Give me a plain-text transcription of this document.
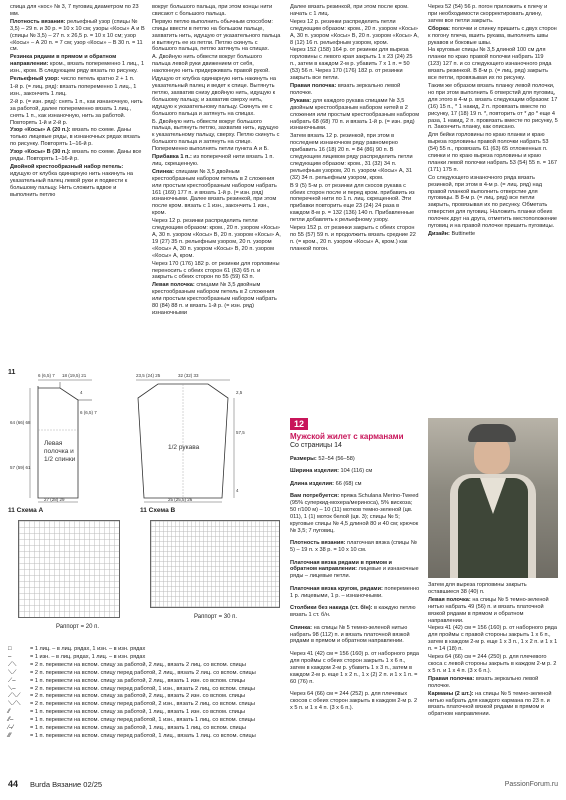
спица для «кос» № 3, 7 пуговиц диаметром по 23 мм.

Плотность вязания: рельефный узор (спицы № 3,5) – 29 п. и 30 р. = 10 х 10 см; узоры «Косы» А и В (спицы № 3,5) – 27 п. х 26,5 р. = 10 х 10 см; узор «Косы» – А 20 п. = 7 см; узор «Косы» – В 30 п. = 11 см.

Резинка рядами в прямом и обратном направлении: кром., вязать попеременно 1 лиц., 1 изн., кром. В следующем ряду вязать по рисунку.

Рельефный узор: число петель кратно 2 + 1 п.

1-й р. (= лиц. ряд): вязать попеременно 1 лиц., 1 изн., закончить 1 лиц.

2-й р. (= изн. ряд): снять 1 п., как изнаночную, нить за работой, далее попеременно вязать 1 лиц., снять 1 п., как изнаночную, нить за работой. Повторять 1-й и 2-й р.

Узор «Косы» А (20 п.): вязать по схеме. Даны только лицевые ряды, в изнаночных рядах вязать по рисунку. Повторять 1–16-й р.

Узор «Косы» В (30 п.): вязать по схеме. Даны все ряды. Повторять 1–16-й р.

Двойной крестообразный набор петель: идущую от клубка одинарную нить накинуть на указательный палец левой руки и подвести к большому пальцу. Нить сложить вдвое и выполнить петлю

вокруг большого пальца, при этом концы нити свисают с большого пальца.

Первую петлю выполнить обычным способом: спицы ввести в петлю на большом пальце, захватить нить, идущую от указательного пальца и вытянуть ее из петли. Петлю скинуть с большого пальца, петлю затянуть на спицах.

А. Двойную нить обвести вокруг большого пальца левой руки движением от себя, наклонную нить придерживать правой рукой.

Идущую от клубка одинарную нить накинуть на указательный палец и ведет к спице. Вытянуть петлю, захватив снизу двойную нить, идущую к большому пальцу, и захватив сверху нить, идущую к указательному пальцу. Скинуть ее с большого пальца и затянуть на спицах.

Б. Двойную нить обвести вокруг большого пальца, вытянуть петлю, захватив нить, идущую к указательному пальцу, сверху. Петлю скинуть с большого пальца и затянуть на спице. Попеременно выполнять петли пункта А и Б.

Прибавка 1 п.: из поперечной нити вязать 1 п. лиц. скрещенную.

Спинка: спицами № 3,5 двойным крестообразным набором петель в 2 сложения или простым крестообразным набором набрать 161 (169) 177 п. и вязать 1-й р. (= изн. ряд) изнаночными. Далее вязать резинкой, при этом после кром. вязать с 1 изн., закончить 1 изн., кром.

Через 12 р. резинки распределить петли следующим образом: кром., 20 п. узором «Косы» А, 30 п. узором «Косы» В, 20 п. узором «Косы» А, 19 (27) 35 п. рельефным узором, 20 п. узором «Косы» А, 30 п. узором «Косы» В, 20 п. узором «Косы» А, кром.

Через 170 (176) 182 р. от резинки для горловины переносить с обеих сторон 61 (63) 65 п. и закрыть с обеих сторон по 55 (59) 63 п.

Левая полочка: спицами № 3,5 двойным крестообразным набором петель в 2 сложения или простым крестообразным набором набрать 80 (84) 88 п. и вязать 1-й р. (= изн. ряд) изнаночными

Далее вязать резинкой, при этом после кром. начать с 1 лиц.

Через 12 р. резинки распределить петли следующим образом: кром., 20 п. узором «Косы» А, 30 п. узором «Косы» В, 20 п. узором «Косы» А, 8 (12) 16 п. рельефным узором, кром.

Через 152 (158) 164 р. от резинки для выреза горловины с левого края закрыть 1 х 23 (24) 25 п., затем в каждом 2-м р. убавить 7 х 1 п. = 50 (53) 56 п. Через 170 (176) 182 р. от резинки закрыть все петли.

Правая полочка: вязать зеркально левой полочке.

Рукава: для каждого рукава спицами № 3,5 двойным крестообразным набором нитей в 2 сложения или простым крестообразным набором набрать 68 (68) 70 п. и вязать 1-й р. (= изн. ряд) изнаночными.

Затем вязать 12 р. резинкой, при этом в последнем изнаночном ряду равномерно прибавить 16 (18) 20 п. = 84 (86) 90 п. В следующем лицевом ряду распределить петли следующим образом: кром., 31 (32) 34 п. рельефным узором, 20 п. узором «Косы» А, 31 (32) 34 п. рельефным узором, кром.

В 9 (5) 5-м р. от резинки для скосов рукава с обеих сторон после и перед кром. прибавить из поперечной нити по 1 п. лиц. скрещенной. Эти прибавки повторить еще 23 (24) 24 раза в каждом 8-м р. = 132 (136) 140 п. Прибавленные петли добавлять к рельефному узору.

Через 152 р. от резинки закрыть с обеих сторон по 55 (57) 59 п. и продолжить вязать средние 22 п. (= кром., 20 п. узором «Косы» А, кром.) как планкой погон.

Через 52 (54) 56 р. погон приложить к плечу и при необходимости скорректировать длину, затем все петли закрыть.

Сборка: полочки и спинку пришить с двух сторон к погону плеча, вшить рукава, выполнить швы рукавов и боковые швы.

На круговые спицы № 3,5 длиной 100 см для планки по краю правой полочки набрать 119 (123) 127 п. и со следующего изнаночного ряда вязать резинкой. В 8-м р. (= лиц. ряд) закрыть все петли, провязывая их по рисунку.

Таким же образом вязать планку левой полочки, но при этом выполнить 6 отверстий для пуговиц, для этого в 4-м р. вязать следующим образом: 17 (16) 15 п., * 1 накид, 2 п. провязать вместе по рисунку, 17 (18) 19 п. *, повторить от * до * еще 4 раза, 1 накид, 2 п. провязать вместе по рисунку, 5 п. Закончить планку, как описано.

Для бейки горловины по краю планки и краю выреза горловины правой полочки набрать 53 (54) 55 п., провязать 61 (63) 65 отложенных п. спинки и по краю выреза горловины и краю планки левой полочки набрать 53 (54) 55 п. = 167 (171) 175 п.

Со следующего изнаночного ряда вязать резинкой, при этом в 4-м р. (= лиц. ряд) над правой планкой выполнить отверстие для пуговицы. В 8-м р. (= лиц. ряд) все петли закрыть, провязывая их по рисунку. Обметать отверстия для пуговиц. Наложить планки обеих полочек друг на друга, отметить местоположение пуговиц и на правой полочке пришить пуговицы.

Дизайн: Buttinette

11
Левая полочка и 1/2 спинки
1/2 рукава
6 (6,5) 7 18 (19,5) 21	23,5 (24) 25	32 (32) 33
64 (66) 68
57 (59) 61
6 (6,5) 7
4
57,5
2,5
4
27 (28) 29	25 (25,5) 26
11 Схема A
Раппорт = 20 п.
11 Схема B
Раппорт = 30 п.
□	= 1 лиц. – в лиц. рядах, 1 изн. – в изн. рядах
–	= 1 изн. – в лиц. рядах, 1 лиц. – в изн. рядах
⟋⟍	= 2 п. перевести на вспом. спицу за работой, 2 лиц., вязать 2 лиц. со вспом. спицы
⟍⟋	= 2 п. перевести на вспом. спицу перед работой, 2 лиц., вязать 2 лиц. со вспом. спицы
⟋–	= 1 п. перевести на вспом. спицу за работой, 2 лиц., вязать 1 изн. со вспом. спицы
⟍–	= 2 п. перевести на вспом. спицу перед работой, 1 изн., вязать 2 лиц. со вспом. спицы
⟋⟍⟋	= 2 п. перевести на вспом. спицу за работой, 2 лиц., вязать 2 изн. со вспом. спицы
⟍⟋⟍	= 2 п. перевести на вспом. спицу перед работой, 2 изн., вязать 2 лиц. со вспом. спицы
⁄⁄	= 1 п. перевести на вспом. спицу за работой, 1 лиц., вязать 1 изн. со вспом. спицы
⁄⁄–	= 1 п. перевести на вспом. спицу перед работой, 1 изн., вязать 1 лиц. со вспом. спицы
⁄–⁄	= 1 п. перевести на вспом. спицу за работой, 1 лиц., вязать 1 лиц. со вспом. спицы
⁄⁄⁄	= 1 п. перевести на вспом. спицу перед работой, 1 лиц., вязать 1 лиц. со вспом. спицы
12
Мужской жилет с карманами
Со страницы 14

Размеры: 52–54 (56–58)

Ширина изделия: 104 (116) см

Длина изделия: 66 (68) см

Вам потребуется: пряжа Schulana Merino-Tweed (95% суперкид-мохера/мериноса), 5% вискоза; 50 г/100 м) – 10 (11) мотков темно-зеленой (цв. 011), 1 (1) моток белой (цв. 3); спицы № 5; круговые спицы № 4,5 длиной 80 и 40 см; крючок № 3,5; 7 пуговиц.

Плотность вязания: платочная вязка (спицы № 5) – 19 п. х 38 р. = 10 х 10 см.

Платочная вязка рядами в прямом и обратном направлении: лицевые и изнаночные ряды – лицевые петли.

Платочная вязка кругом, рядами: попеременно 1 р. лицевыми, 1 р. – изнаночными.

Столбики без накида (ст. б/н): в каждую петлю вязать 1 ст. б/н.

Спинка: на спицы № 5 темно-зеленой нитью набрать 98 (112) п. и вязать платочной вязкой рядами в прямом и обратном направлении.

Через 41 (42) см = 156 (160) р. от наборного ряда для проймы с обеих сторон закрыть 1 х 6 п., затем в каждом 2-м р. убавить 1 х 3 п., затем в каждом 2-м р. еще 1 х 2 п., 1 х (2) 2 п. и 1 х 1 п. = 60 (76) п.

Через 64 (66) см = 244 (252) р. для плечевых скосов с обеих сторон закрыть в каждом 2-м р. 2 х 5 п. и 1 х 4 п. (3 х 6 п.).

Затем для выреза горловины закрыть оставшиеся 38 (40) п.

Левая полочка: на спицы № 5 темно-зеленой нитью набрать 49 (56) п. и вязать платочной вязкой рядами в прямом и обратном направлении.

Через 41 (42) см = 156 (160) р. от наборного ряда для проймы с правой стороны закрыть 1 х 6 п., затем в каждом 2-м р. еще 1 х 3 п., 1 х 2 п. и 1 х 1 п. = 14 (18) п.

Через 64 (66) см = 244 (250) р. для плечевого скоса с левой стороны закрыть в каждом 2-м р. 2 х 5 п. и 1 х 4 п. (3 х 6 п.).

Правая полочка: вязать зеркально левой полочке.

Карманы (2 шт.): на спицы № 5 темно-зеленой нитью набрать для каждого кармана по 23 п. и вязать платочной вязкой рядами в прямом и обратном направлении.

44 Burda Вязание 02/25	PassionForum.ru
